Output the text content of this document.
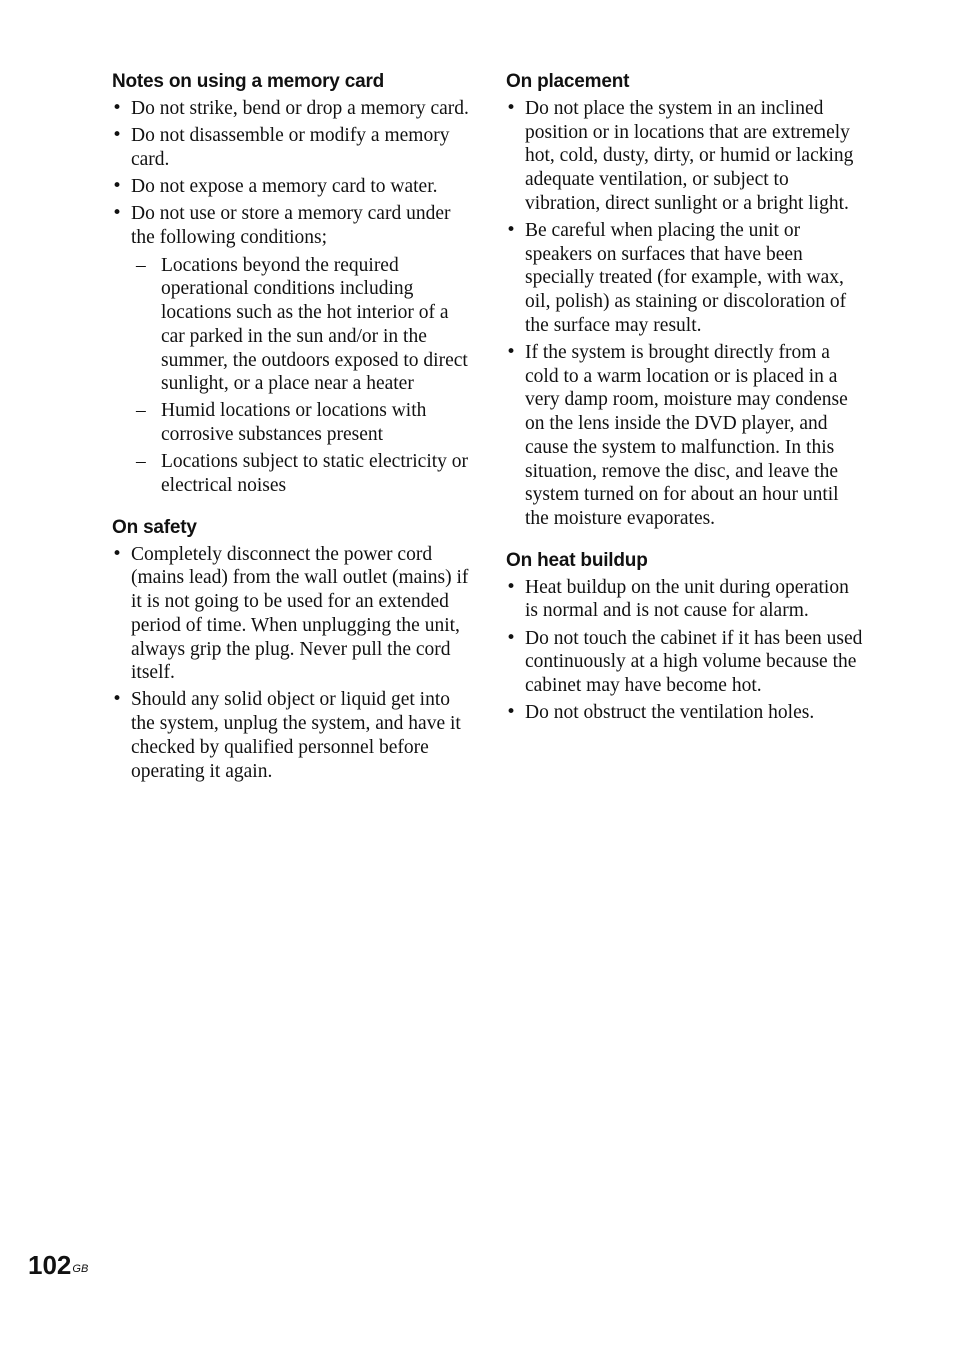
Notes on using a memory card
• Do not strike, bend or drop a memory card.
• Do not disassemble or modify a memory card.
• Do not expose a memory card to water.
• Do not use or store a memory card under the following conditions;
– Locations beyond the required operational conditions including locations such as the hot interior of a car parked in the sun and/or in the summer, the outdoors exposed to direct sunlight, or a place near a heater
– Humid locations or locations with corrosive substances present
– Locations subject to static electricity or electrical noises
On safety
• Completely disconnect the power cord (mains lead) from the wall outlet (mains) if it is not going to be used for an extended period of time. When unplugging the unit, always grip the plug. Never pull the cord itself.
• Should any solid object or liquid get into the system, unplug the system, and have it checked by qualified personnel before operating it again.
On placement
• Do not place the system in an inclined position or in locations that are extremely hot, cold, dusty, dirty, or humid or lacking adequate ventilation, or subject to vibration, direct sunlight or a bright light.
• Be careful when placing the unit or speakers on surfaces that have been specially treated (for example, with wax, oil, polish) as staining or discoloration of the surface may result.
• If the system is brought directly from a cold to a warm location or is placed in a very damp room, moisture may condense on the lens inside the DVD player, and cause the system to malfunction. In this situation, remove the disc, and leave the system turned on for about an hour until the moisture evaporates.
On heat buildup
• Heat buildup on the unit during operation is normal and is not cause for alarm.
• Do not touch the cabinet if it has been used continuously at a high volume because the cabinet may have become hot.
• Do not obstruct the ventilation holes.
$102^{GB}$
